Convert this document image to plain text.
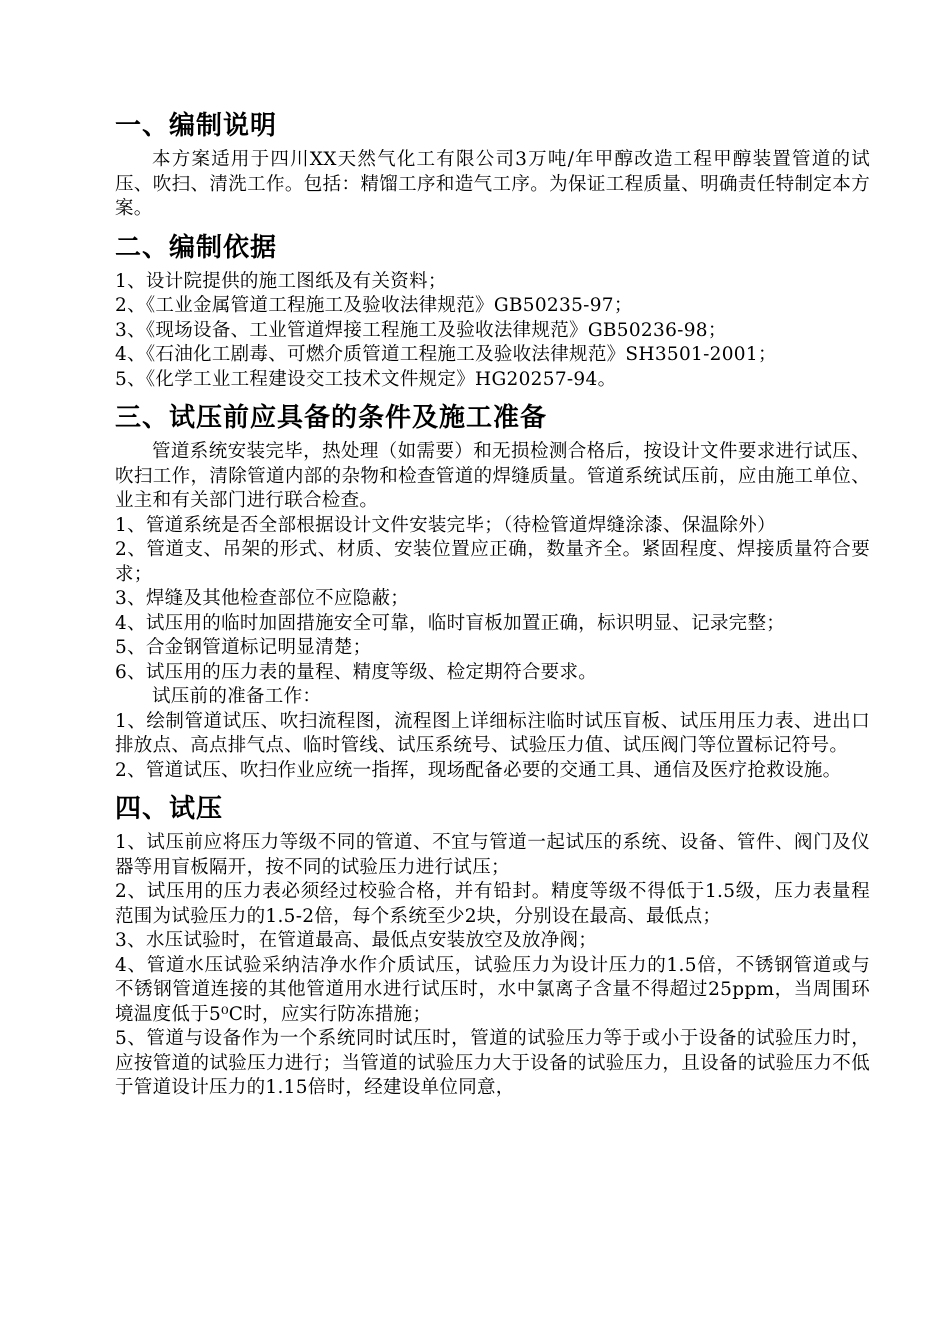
一、编制说明

本方案适用于四川XX天然气化工有限公司3万吨/年甲醇改造工程甲醇装置管道的试压、吹扫、清洗工作。包括：精馏工序和造气工序。为保证工程质量、明确责任特制定本方案。

二、编制依据

1、设计院提供的施工图纸及有关资料；

2、《工业金属管道工程施工及验收法律规范》GB50235-97；

3、《现场设备、工业管道焊接工程施工及验收法律规范》GB50236-98；

4、《石油化工剧毒、可燃介质管道工程施工及验收法律规范》SH3501-2001；

5、《化学工业工程建设交工技术文件规定》HG20257-94。

三、试压前应具备的条件及施工准备

管道系统安装完毕，热处理（如需要）和无损检测合格后，按设计文件要求进行试压、吹扫工作，清除管道内部的杂物和检查管道的焊缝质量。管道系统试压前，应由施工单位、业主和有关部门进行联合检查。

1、管道系统是否全部根据设计文件安装完毕；（待检管道焊缝涂漆、保温除外）

2、管道支、吊架的形式、材质、安装位置应正确，数量齐全。紧固程度、焊接质量符合要求；

3、焊缝及其他检查部位不应隐蔽；

4、试压用的临时加固措施安全可靠，临时盲板加置正确，标识明显、记录完整；

5、合金钢管道标记明显清楚；

6、试压用的压力表的量程、精度等级、检定期符合要求。

试压前的准备工作：

1、绘制管道试压、吹扫流程图，流程图上详细标注临时试压盲板、试压用压力表、进出口排放点、高点排气点、临时管线、试压系统号、试验压力值、试压阀门等位置标记符号。

2、管道试压、吹扫作业应统一指挥，现场配备必要的交通工具、通信及医疗抢救设施。

四、试压

1、试压前应将压力等级不同的管道、不宜与管道一起试压的系统、设备、管件、阀门及仪器等用盲板隔开，按不同的试验压力进行试压；

2、试压用的压力表必须经过校验合格，并有铅封。精度等级不得低于1.5级，压力表量程范围为试验压力的1.5-2倍，每个系统至少2块，分别设在最高、最低点；

3、水压试验时，在管道最高、最低点安装放空及放净阀；

4、管道水压试验采纳洁净水作介质试压，试验压力为设计压力的1.5倍，不锈钢管道或与不锈钢管道连接的其他管道用水进行试压时，水中氯离子含量不得超过25ppm，当周围环境温度低于5⁰C时，应实行防冻措施；

5、管道与设备作为一个系统同时试压时，管道的试验压力等于或小于设备的试验压力时，应按管道的试验压力进行；当管道的试验压力大于设备的试验压力，且设备的试验压力不低于管道设计压力的1.15倍时，经建设单位同意，
